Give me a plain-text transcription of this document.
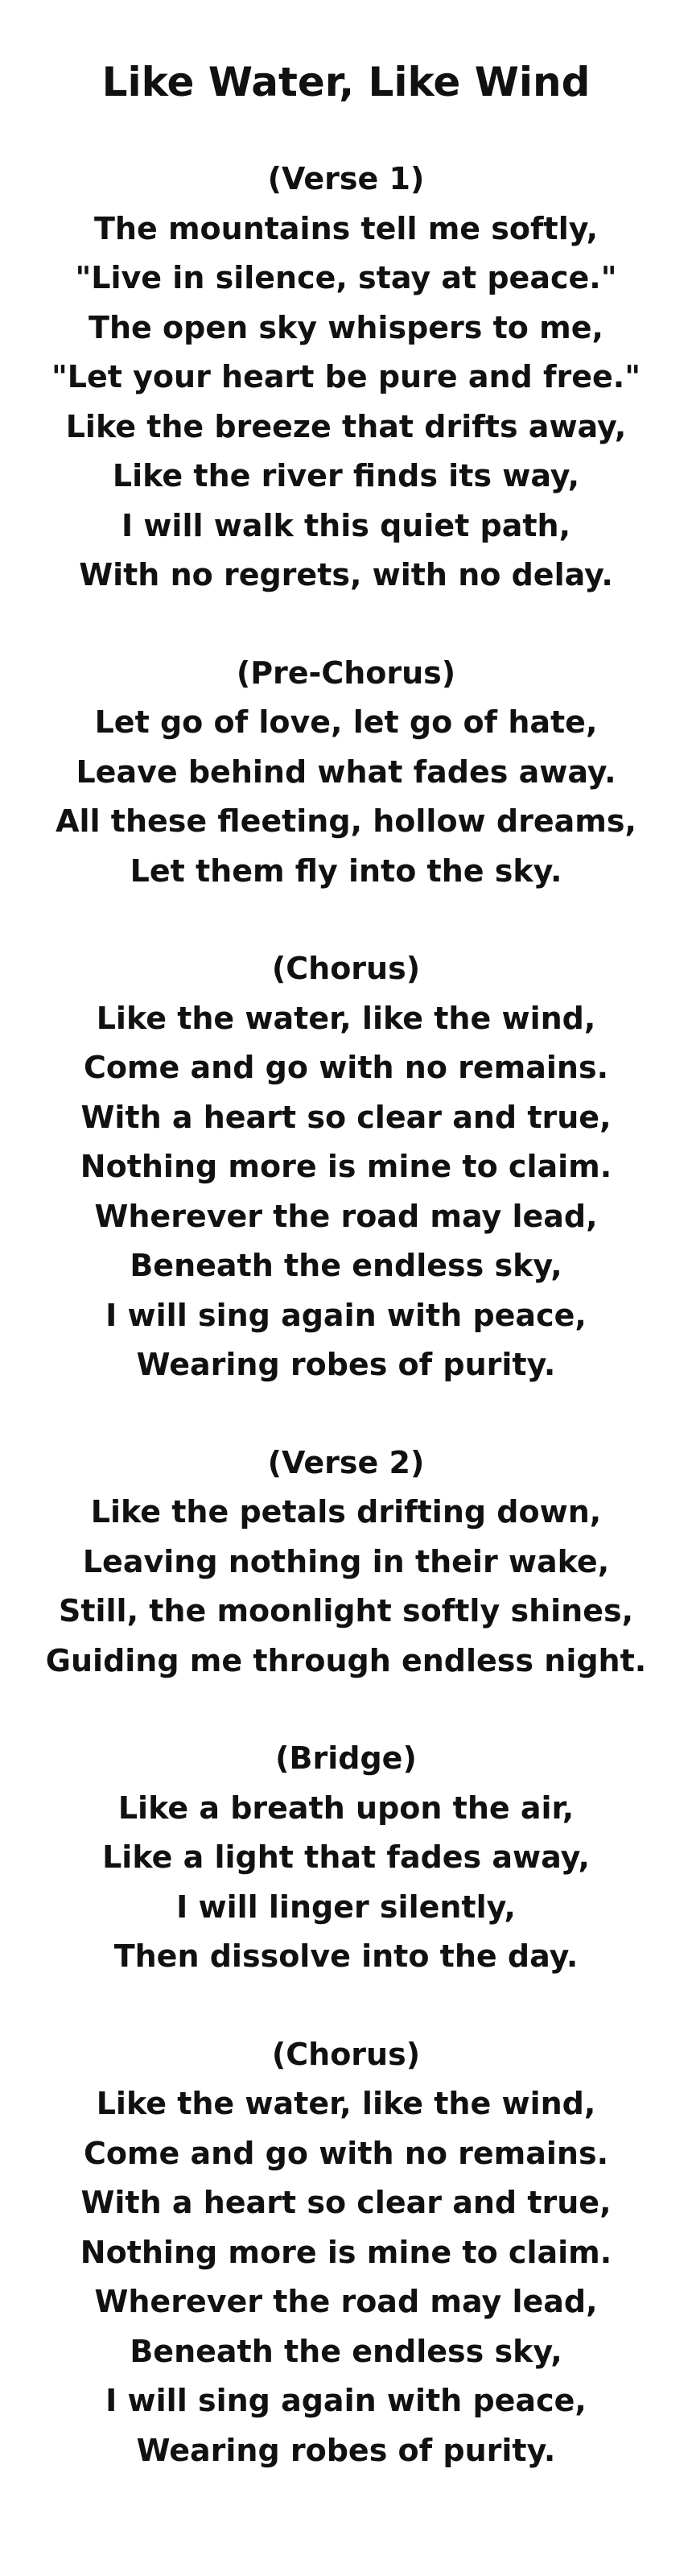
Like Water, Like Wind
(Verse 1)
The mountains tell me softly,
"Live in silence, stay at peace."
The open sky whispers to me,
"Let your heart be pure and free."
Like the breeze that drifts away,
Like the river finds its way,
I will walk this quiet path,
With no regrets, with no delay.
(Pre-Chorus)
Let go of love, let go of hate,
Leave behind what fades away.
All these fleeting, hollow dreams,
Let them fly into the sky.
(Chorus)
Like the water, like the wind,
Come and go with no remains.
With a heart so clear and true,
Nothing more is mine to claim.
Wherever the road may lead,
Beneath the endless sky,
I will sing again with peace,
Wearing robes of purity.
(Verse 2)
Like the petals drifting down,
Leaving nothing in their wake,
Still, the moonlight softly shines,
Guiding me through endless night.
(Bridge)
Like a breath upon the air,
Like a light that fades away,
I will linger silently,
Then dissolve into the day.
(Chorus)
Like the water, like the wind,
Come and go with no remains.
With a heart so clear and true,
Nothing more is mine to claim.
Wherever the road may lead,
Beneath the endless sky,
I will sing again with peace,
Wearing robes of purity.
